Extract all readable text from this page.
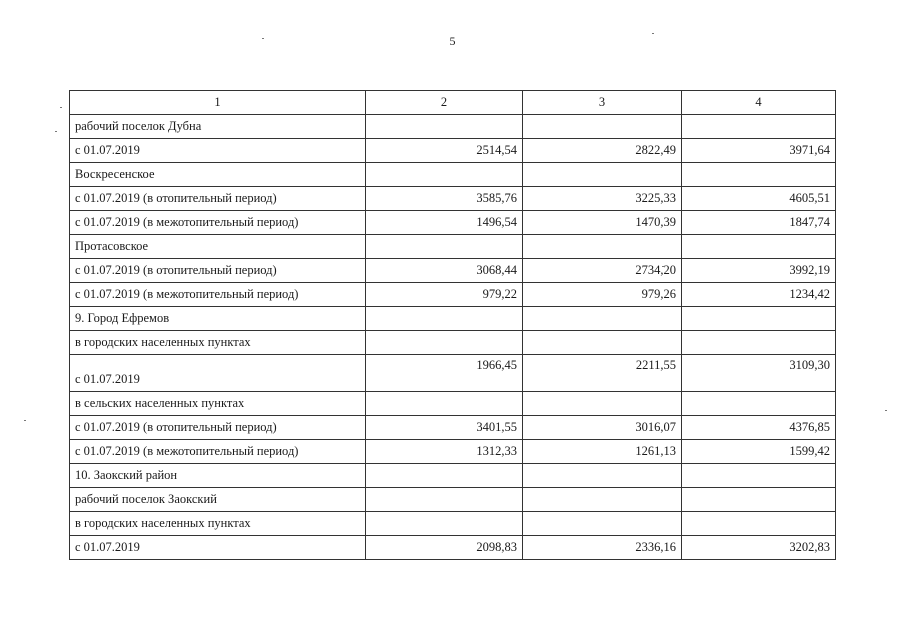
5
1	2	3	4
рабочий поселок Дубна			
с 01.07.2019	2514,54	2822,49	3971,64
Воскресенское			
с 01.07.2019 (в отопительный период)	3585,76	3225,33	4605,51
с 01.07.2019 (в межотопительный период)	1496,54	1470,39	1847,74
Протасовское			
с 01.07.2019 (в отопительный период)	3068,44	2734,20	3992,19
с 01.07.2019 (в межотопительный период)	979,22	979,26	1234,42
9. Город Ефремов			
в городских населенных пунктах			
с 01.07.2019	1966,45	2211,55	3109,30
в сельских населенных пунктах			
с 01.07.2019 (в отопительный период)	3401,55	3016,07	4376,85
с 01.07.2019 (в межотопительный период)	1312,33	1261,13	1599,42
10. Заокский район			
рабочий поселок Заокский			
в городских населенных пунктах			
с 01.07.2019	2098,83	2336,16	3202,83
